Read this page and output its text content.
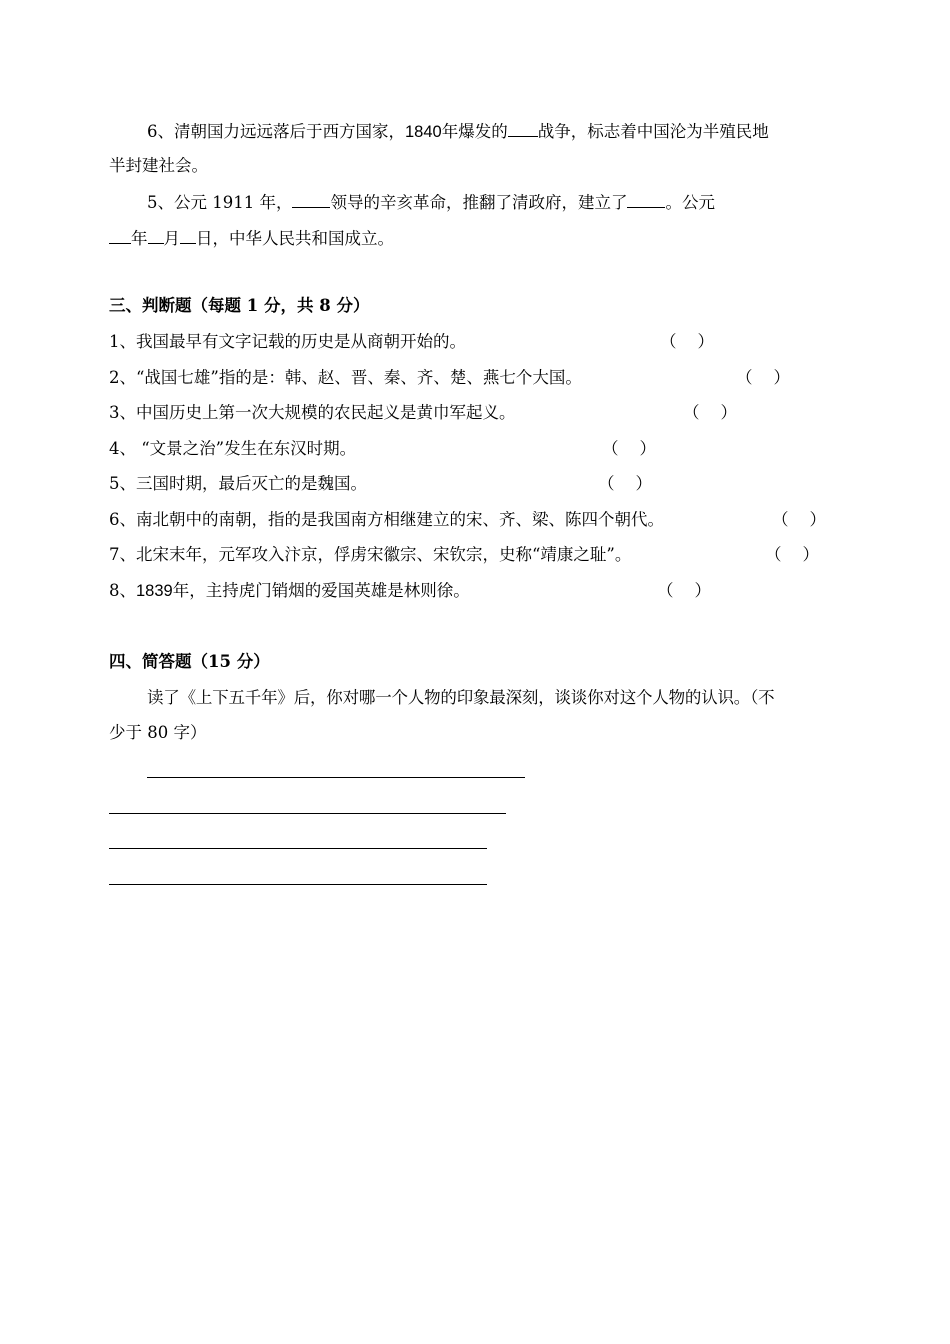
6、清朝国力远远落后于西方国家，1840年爆发的 战争，标志着中国沦为半殖民地
半封建社会。
5、公元 1911 年， 领导的辛亥革命，推翻了清政府，建立了 。公元
年 月 日，中华人民共和国成立。
三、判断题（每题 1 分，共 8 分）
1、我国最早有文字记载的历史是从商朝开始的。	（    ）
2、“战国七雄”指的是：韩、赵、晋、秦、齐、楚、燕七个大国。	（    ）
3、中国历史上第一次大规模的农民起义是黄巾军起义。	（    ）
4、 “文景之治”发生在东汉时期。	（    ）
5、三国时期，最后灭亡的是魏国。	（    ）
6、南北朝中的南朝，指的是我国南方相继建立的宋、齐、梁、陈四个朝代。	（    ）
7、北宋末年，元军攻入汴京，俘虏宋徽宗、宋钦宗，史称“靖康之耻”。	（    ）
8、1839年，主持虎门销烟的爱国英雄是林则徐。	（    ）
四、简答题（15 分）
读了《上下五千年》后，你对哪一个人物的印象最深刻，谈谈你对这个人物的认识。（不
少于 80 字）
